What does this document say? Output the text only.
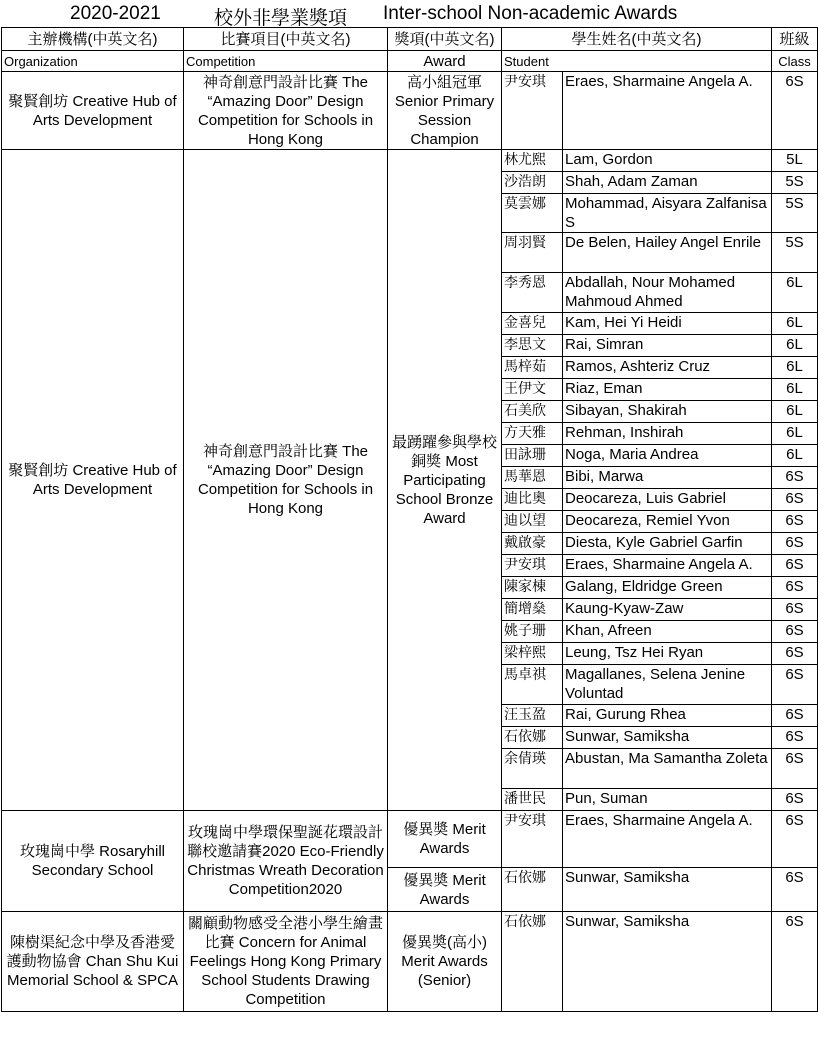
2020-2021	校外非學業獎項 Inter-school Non-academic Awards
主辦機構(中英文名)	比賽項目(中英文名)	獎項(中英文名)	學生姓名(中英文名)		班級
Organization	Competition	Award	Student		Class
聚賢創坊 Creative Hub of Arts Development	神奇創意門設計比賽 The “Amazing Door” Design Competition for Schools in Hong Kong	高小組冠軍 Senior Primary Session Champion	尹安琪	Eraes, Sharmaine Angela A.	6S
聚賢創坊 Creative Hub of Arts Development	神奇創意門設計比賽 The “Amazing Door” Design Competition for Schools in Hong Kong	最踴躍參與學校銅獎 Most Participating School Bronze Award	林尤熙	Lam, Gordon	5L
			沙浩朗	Shah, Adam Zaman	5S
			莫雲娜	Mohammad, Aisyara Zalfanisa S	5S
			周羽賢	De Belen, Hailey Angel Enrile	5S
			李秀恩	Abdallah, Nour Mohamed Mahmoud Ahmed	6L
			金喜兒	Kam, Hei Yi Heidi	6L
			李思文	Rai, Simran	6L
			馬梓茹	Ramos, Ashteriz Cruz	6L
			王伊文	Riaz, Eman	6L
			石美欣	Sibayan, Shakirah	6L
			方天雅	Rehman, Inshirah	6L
			田詠珊	Noga, Maria Andrea	6L
			馬華恩	Bibi, Marwa	6S
			迪比奧	Deocareza, Luis Gabriel	6S
			迪以望	Deocareza, Remiel Yvon	6S
			戴啟豪	Diesta, Kyle Gabriel Garfin	6S
			尹安琪	Eraes, Sharmaine Angela A.	6S
			陳家棟	Galang, Eldridge Green	6S
			簡增燊	Kaung-Kyaw-Zaw	6S
			姚子珊	Khan, Afreen	6S
			梁梓熙	Leung, Tsz Hei Ryan	6S
			馬卓祺	Magallanes, Selena Jenine Voluntad	6S
			汪玉盈	Rai, Gurung Rhea	6S
			石依娜	Sunwar, Samiksha	6S
			余倩瑛	Abustan, Ma Samantha Zoleta	6S
			潘世民	Pun, Suman	6S
玫瑰崗中學 Rosaryhill Secondary School	玫瑰崗中學環保聖誕花環設計聯校邀請賽2020 Eco-Friendly Christmas Wreath Decoration Competition2020	優異奬 Merit Awards	尹安琪	Eraes, Sharmaine Angela A.	6S
		優異奬 Merit Awards	石依娜	Sunwar, Samiksha	6S
陳樹渠紀念中學及香港愛護動物協會 Chan Shu Kui Memorial School & SPCA	關顧動物感受全港小學生繪畫比賽 Concern for Animal Feelings Hong Kong Primary School Students Drawing Competition	優異奬(高小) Merit Awards (Senior)	石依娜	Sunwar, Samiksha	6S
